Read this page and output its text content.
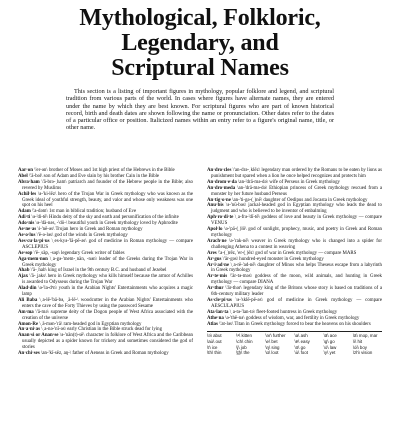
Mythological, Folkloric,
Legendary, and
Scriptural Names

This section is a listing of important figures in mythology, popular folklore and legend, and scriptural tradition from various parts of the world. In cases where figures have alternate names, they are entered under the name by which they are best known. For scriptural figures who are part of known historical record, birth and death dates are shown following the name or pronunciation. Other dates refer to the dates of a particular office or position. Italicized names within an entry refer to a figure's original name, title, or other name.

Aar·on \'er-ən\ brother of Moses and 1st high priest of the Hebrews in the Bible

Abel \'ā-bəl\ son of Adam and Eve slain by his brother Cain in the Bible

Abra·ham \'ā-brə-ˌham\ patriarch and founder of the Hebrew people in the Bible; also revered by Muslims

Achil·les \ə-'ki-lēz\ hero of the Trojan War in Greek mythology who was known as the Greek ideal of youthful strength, beauty, and valor and whose only weakness was one spot on his heel

Adam \'a-dəm\ 1st man in biblical tradition; husband of Eve

Adi·ti \ə-'di-tē\ Hindu deity of the sky and earth and personification of the infinite

Ado·nis \ə-'dä-nəs, -'dō-\ beautiful youth in Greek mythology loved by Aphrodite

Ae·ne·as \i-'nē-əs\ Trojan hero in Greek and Roman mythology

Ae·o·lus \'ē-ə-ləs\ god of the winds in Greek mythology

Aes·cu·la·pi·us \ˌes-kyə-'lā-pē-əs\ god of medicine in Roman mythology — compare ASCLEPIUS

Ae·sop \'ē-ˌsäp, -səp\ legendary Greek writer of fables

Aga·mem·non \ˌa-gə-'mem-ˌnän, -nən\ leader of the Greeks during the Trojan War in Greek mythology

Ahab \'ā-ˌhab\ king of Israel in the 9th century B.C. and husband of Jezebel

Ajax \'ā-ˌjaks\ hero in Greek mythology who kills himself because the armor of Achilles is awarded to Odysseus during the Trojan War

Alad·din \ə-'la-dᵊn\ youth in the Arabian Nights' Entertainments who acquires a magic lamp

Ali Baba \ˌa-lē-'bä-bə, ˌä-lē-\ woodcutter in the Arabian Nights' Entertainments who enters the cave of the Forty Thieves by using the password Sesame

Am·ma \'ä-mə\ supreme deity of the Dogon people of West Africa associated with the creation of the universe

Amon-Re \ˌä-mən-'rā\ ram-headed god in Egyptian mythology

An·a·ni·as \ˌa-nə-'nī-əs\ early Christian in the Bible struck dead for lying

Anan·si or Anan·se \ə-'nän(t)-sē\ character in folklore of West Africa and the Caribbean usually depicted as a spider known for trickery and sometimes considered the god of stories

An·chi·ses \an-'kī-sēz, aŋ-\ father of Aeneas in Greek and Roman mythology

An·dro·cles \'an-drə-ˌklēz\ legendary man ordered by the Romans to be eaten by lions as punishment but spared when a lion he once helped recognizes and protects him

An·drom·e·da \an-'drä-mə-də\ wife of Perseus in Greek mythology

An·dro·meda \an-'drä-mə-də\ Ethiopian princess of Greek mythology rescued from a monster by her future husband Perseus

An·tig·o·ne \an-'ti-gə-(ˌ)nē\ daughter of Oedipus and Jocasta in Greek mythology

Anu·bis \ə-'nü-bəs\ jackal-headed god in Egyptian mythology who leads the dead to judgment and who is believed to be inventor of embalming

Aph·ro·di·te \ˌa-frə-'dī-tē\ goddess of love and beauty in Greek mythology — compare VENUS

Apol·lo \ə-'pä-(ˌ)lō\ god of sunlight, prophecy, music, and poetry in Greek and Roman mythology

Arach·ne \ə-'rak-nē\ weaver in Greek mythology who is changed into a spider for challenging Athena to a contest in weaving

Ares \'a-(ˌ)rēz, 'er-(ˌ)ēz\ god of war in Greek mythology — compare MARS

Ar·gus \'är-gəs\ hundred-eyed monster in Greek mythology

Ar·i·ad·ne \ˌa-rē-'ad-nē\ daughter of Minos who helps Theseus escape from a labyrinth in Greek mythology

Ar·te·mis \'är-tə-məs\ goddess of the moon, wild animals, and hunting in Greek mythology — compare DIANA

Ar·thur \'är-thər\ legendary king of the Britons whose story is based on traditions of a 6th-century military leader

As·cle·pi·us \ə-'sklē-pē-əs\ god of medicine in Greek mythology — compare AESCULAPIUS

Ata·lan·ta \ˌa-tə-'lan-tə\ fleet-footed huntress in Greek mythology

Athe·na \ə-'thē-nə\ goddess of wisdom, war, and fertility in Greek mythology

Atlas \'at-ləs\ Titan in Greek mythology forced to bear the heavens on his shoulders

\ə\ abut	\ᵊ\ kitten	\ər\ further	\a\ ash	\ā\ ace	\ä\ mop, mar
\au̇\ out	\ch\ chin	\e\ bet	\ē\ easy	\g\ go	\i\ hit
\ī\ ice	\j\ job	\ŋ\ sing	\ō\ go	\ȯ\ law	\ȯi\ boy
\th\ thin	\t͟h\ the	\ü\ loot	\u̇\ foot	\y\ yet	\zh\ vision
